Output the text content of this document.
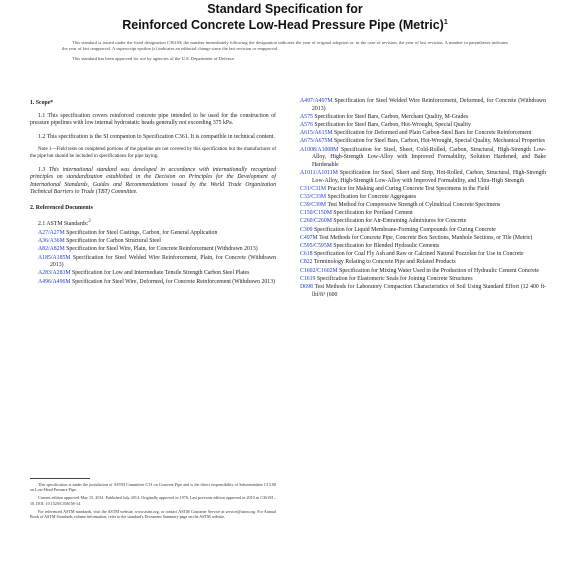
Standard Specification for
Reinforced Concrete Low-Head Pressure Pipe (Metric)$^1$

This standard is issued under the fixed designation C361M; the number immediately following the designation indicates the year of original adoption or, in the case of revision, the year of last revision. A number in parentheses indicates the year of last reapproval. A superscript epsilon (ε) indicates an editorial change since the last revision or reapproval.

This standard has been approved for use by agencies of the U.S. Department of Defense.

1. Scope*
1.1 This specification covers reinforced concrete pipe intended to be used for the construction of pressure pipelines with low internal hydrostatic heads generally not exceeding 375 kPa.
1.2 This specification is the SI companion to Specification C361. It is compatible in technical content.
Note 1—Field tests on completed portions of the pipeline are not covered by this specification but the manufacturer of the pipe but should be included in specifications for pipe laying.
1.3 This international standard was developed in accordance with internationally recognized principles on standardization established in the Decision on Principles for the Development of International Standards, Guides and Recommendations issued by the World Trade Organization Technical Barriers to Trade (TBT) Committee.
2. Referenced Documents
2.1 ASTM Standards:$^2$
A27/A27M Specification for Steel Castings, Carbon, for General Application
A36/A36M Specification for Carbon Structural Steel
A82/A82M Specification for Steel Wire, Plain, for Concrete Reinforcement (Withdrawn 2013)
A185/A185M Specification for Steel Welded Wire Reinforcement, Plain, for Concrete (Withdrawn 2013)
A283/A283M Specification for Low and Intermediate Tensile Strength Carbon Steel Plates
A496/A496M Specification for Steel Wire, Deformed, for Concrete Reinforcement (Withdrawn 2013)
A497/A497M Specification for Steel Welded Wire Reinforcement, Deformed, for Concrete (Withdrawn 2013)
A575 Specification for Steel Bars, Carbon, Merchant Quality, M-Grades
A576 Specification for Steel Bars, Carbon, Hot-Wrought, Special Quality
A615/A615M Specification for Deformed and Plain Carbon-Steel Bars for Concrete Reinforcement
A675/A675M Specification for Steel Bars, Carbon, Hot-Wrought, Special Quality, Mechanical Properties
A1008/A1008M Specification for Steel, Sheet, Cold-Rolled, Carbon, Structural, High-Strength Low-Alloy, High-Strength Low-Alloy with Improved Formability, Solution Hardened, and Bake Hardenable
A1011/A1011M Specification for Steel, Sheet and Strip, Hot-Rolled, Carbon, Structural, High-Strength Low-Alloy, High-Strength Low-Alloy with Improved Formability, and Ultra-High Strength
C31/C31M Practice for Making and Curing Concrete Test Specimens in the Field
C33/C33M Specification for Concrete Aggregates
C39/C39M Test Method for Compressive Strength of Cylindrical Concrete Specimens
C150/C150M Specification for Portland Cement
C260/C260M Specification for Air-Entraining Admixtures for Concrete
C309 Specification for Liquid Membrane-Forming Compounds for Curing Concrete
C497M Test Methods for Concrete Pipe, Concrete Box Sections, Manhole Sections, or Tile (Metric)
C595/C595M Specification for Blended Hydraulic Cements
C618 Specification for Coal Fly Ash and Raw or Calcined Natural Pozzolan for Use in Concrete
C822 Terminology Relating to Concrete Pipe and Related Products
C1602/C1602M Specification for Mixing Water Used in the Production of Hydraulic Cement Concrete
C1619 Specification for Elastomeric Seals for Joining Concrete Structures
D698 Test Methods for Laboratory Compaction Characteristics of Soil Using Standard Effort (12 400 ft-lbf/ft³ (600

This specification is under the jurisdiction of ASTM Committee C13 on Concrete Pipe and is the direct responsibility of Subcommittee C13.08 on Low-Head Pressure Pipe.

Current edition approved May 15, 2014. Published July 2014. Originally approved in 1976. Last previous edition approved in 2010 as C361M – 10. DOI: 10.1520/C0361M-14.

For referenced ASTM standards, visit the ASTM website, www.astm.org, or contact ASTM Customer Service at service@astm.org. For Annual Book of ASTM Standards volume information, refer to the standard's Document Summary page on the ASTM website.
